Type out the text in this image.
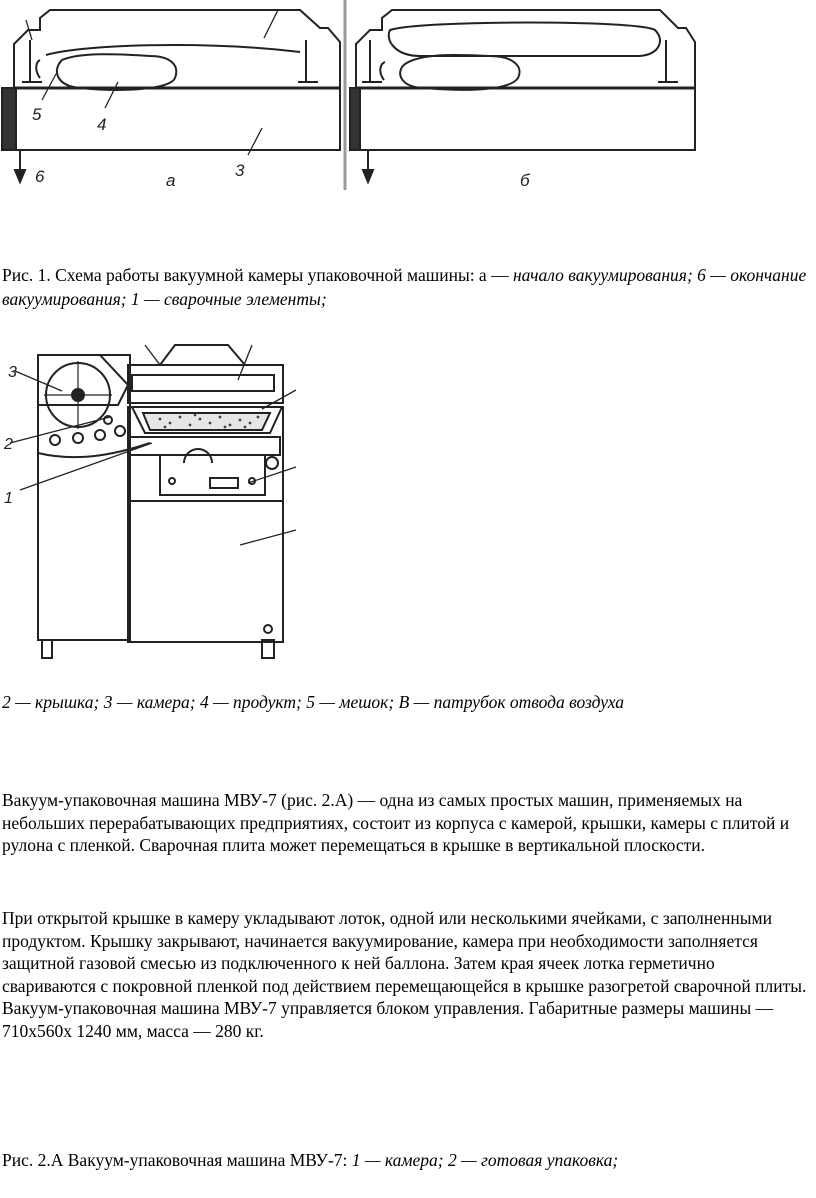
5
4
3
6	а	б

Рис. 1. Схема работы вакуумной камеры упаковочной машины: а — начало вакуумирования; 6 — окончание вакуумирования; 1 — сварочные элементы;

3
2
1

2 — крышка; 3 — камера; 4 — продукт; 5 — мешок; В — патрубок отвода воздуха

Вакуум-упаковочная машина МВУ-7 (рис. 2.А) — одна из самых простых машин, применяемых на небольших перерабатывающих предприятиях, состоит из корпуса с камерой, крышки, камеры с плитой и рулона с пленкой. Сварочная плита может перемещаться в крышке в вертикальной плоскости.

При открытой крышке в камеру укладывают лоток, одной или несколькими ячейками, с заполненными продуктом. Крышку закрывают, начинается вакуумирование, камера при необходимости заполняется защитной газовой смесью из подключенного к ней баллона. Затем края ячеек лотка герметично свариваются с покровной пленкой под действием перемещающейся в крышке разогретой сварочной плиты. Вакуум-упаковочная машина МВУ-7 управляется блоком управления. Габаритные размеры машины — 710х560х 1240 мм, масса — 280 кг.

Рис. 2.А Вакуум-упаковочная машина МВУ-7: 1 — камера; 2 — готовая упаковка;
